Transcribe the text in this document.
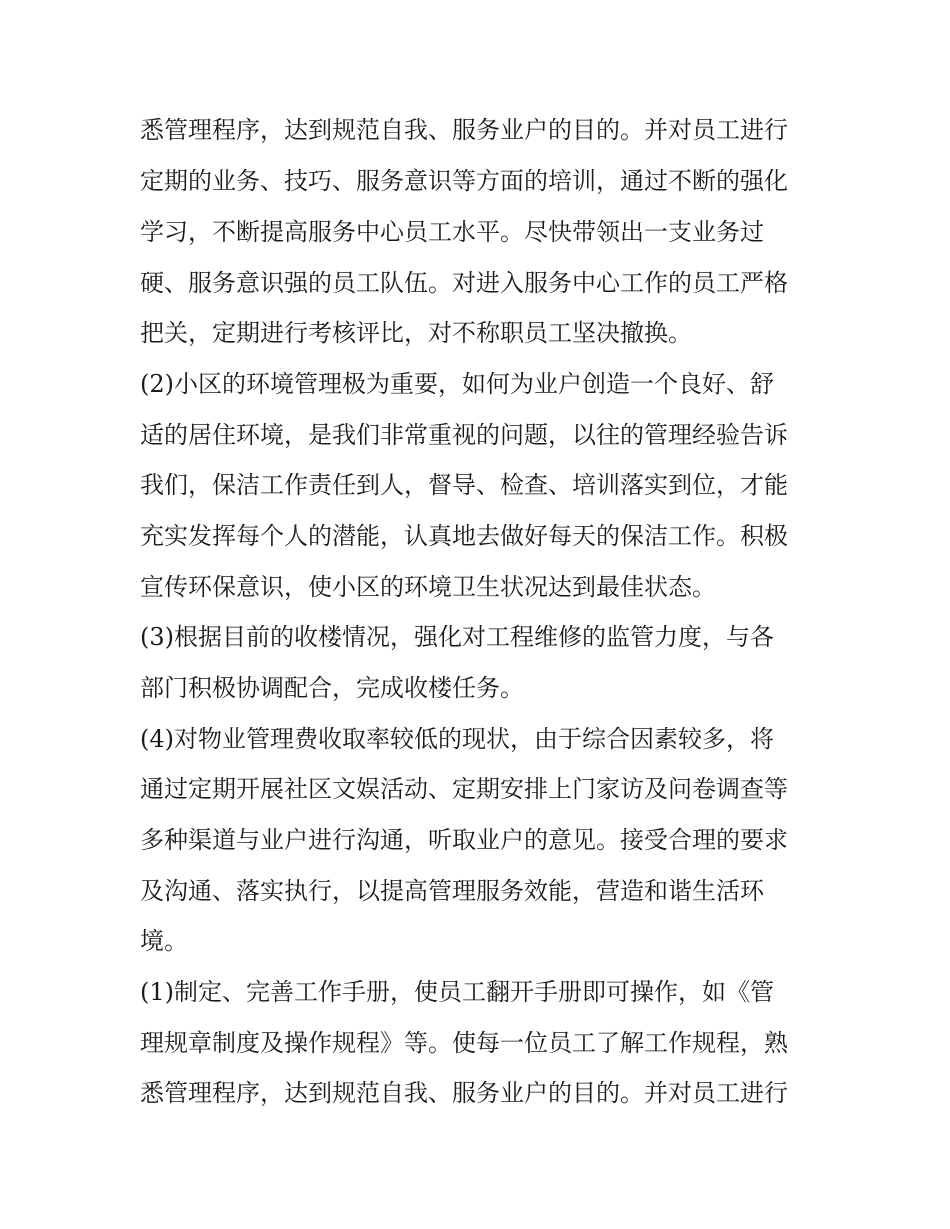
悉管理程序，达到规范自我、服务业户的目的。并对员工进行
定期的业务、技巧、服务意识等方面的培训，通过不断的强化
学习，不断提高服务中心员工水平。尽快带领出一支业务过
硬、服务意识强的员工队伍。对进入服务中心工作的员工严格
把关，定期进行考核评比，对不称职员工坚决撤换。
(2)小区的环境管理极为重要，如何为业户创造一个良好、舒
适的居住环境，是我们非常重视的问题，以往的管理经验告诉
我们，保洁工作责任到人，督导、检查、培训落实到位，才能
充实发挥每个人的潜能，认真地去做好每天的保洁工作。积极
宣传环保意识，使小区的环境卫生状况达到最佳状态。
(3)根据目前的收楼情况，强化对工程维修的监管力度，与各
部门积极协调配合，完成收楼任务。
(4)对物业管理费收取率较低的现状，由于综合因素较多，将
通过定期开展社区文娱活动、定期安排上门家访及问卷调查等
多种渠道与业户进行沟通，听取业户的意见。接受合理的要求
及沟通、落实执行，以提高管理服务效能，营造和谐生活环
境。
(1)制定、完善工作手册，使员工翻开手册即可操作，如《管
理规章制度及操作规程》等。使每一位员工了解工作规程，熟
悉管理程序，达到规范自我、服务业户的目的。并对员工进行
